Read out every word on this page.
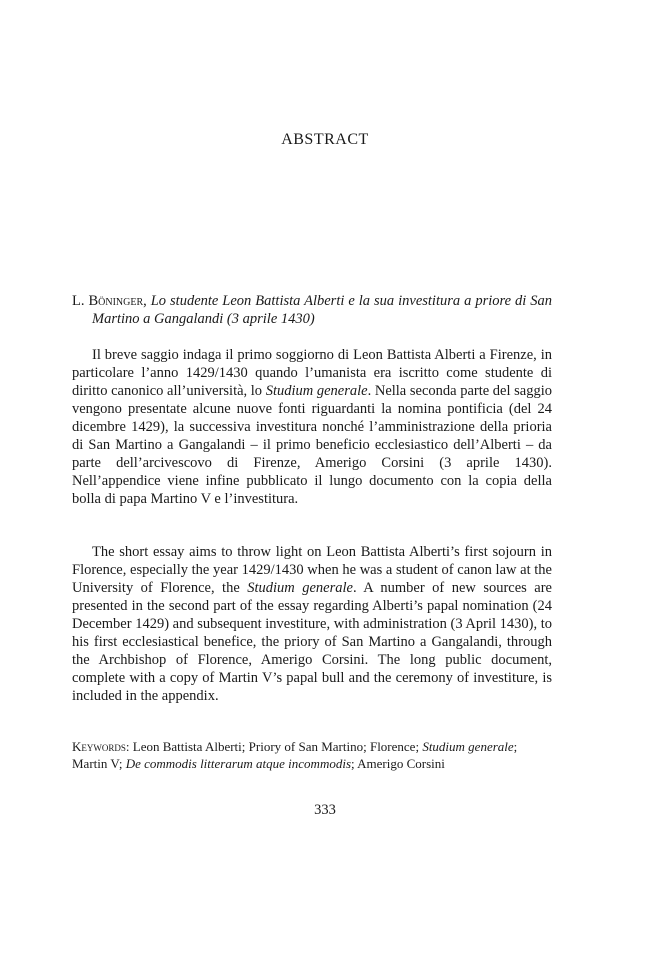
ABSTRACT
L. Böninger, Lo studente Leon Battista Alberti e la sua investitura a priore di San Martino a Gangalandi (3 aprile 1430)

Il breve saggio indaga il primo soggiorno di Leon Battista Alberti a Firenze, in particolare l’anno 1429/1430 quando l’umanista era iscritto come studente di diritto canonico all’università, lo Studium generale. Nella seconda parte del saggio vengono presentate alcune nuove fonti riguardanti la nomina pontificia (del 24 dicembre 1429), la successiva investitura nonché l’amministrazione della prioria di San Martino a Gangalandi – il primo beneficio ecclesiastico dell’Alberti – da parte dell’arcivescovo di Firenze, Amerigo Corsini (3 aprile 1430). Nell’appendice viene infine pubblicato il lungo documento con la copia della bolla di papa Martino V e l’investitura.

The short essay aims to throw light on Leon Battista Alberti’s first sojourn in Florence, especially the year 1429/1430 when he was a student of canon law at the University of Florence, the Studium generale. A number of new sources are presented in the second part of the essay regarding Alberti’s papal nomination (24 December 1429) and subsequent investiture, with administration (3 April 1430), to his first ecclesiastical benefice, the priory of San Martino a Gangalandi, through the Archbishop of Florence, Amerigo Corsini. The long public document, complete with a copy of Martin V’s papal bull and the ceremony of investiture, is included in the appendix.

Keywords: Leon Battista Alberti; Priory of San Martino; Florence; Studium generale; Martin V; De commodis litterarum atque incommodis; Amerigo Corsini
333
